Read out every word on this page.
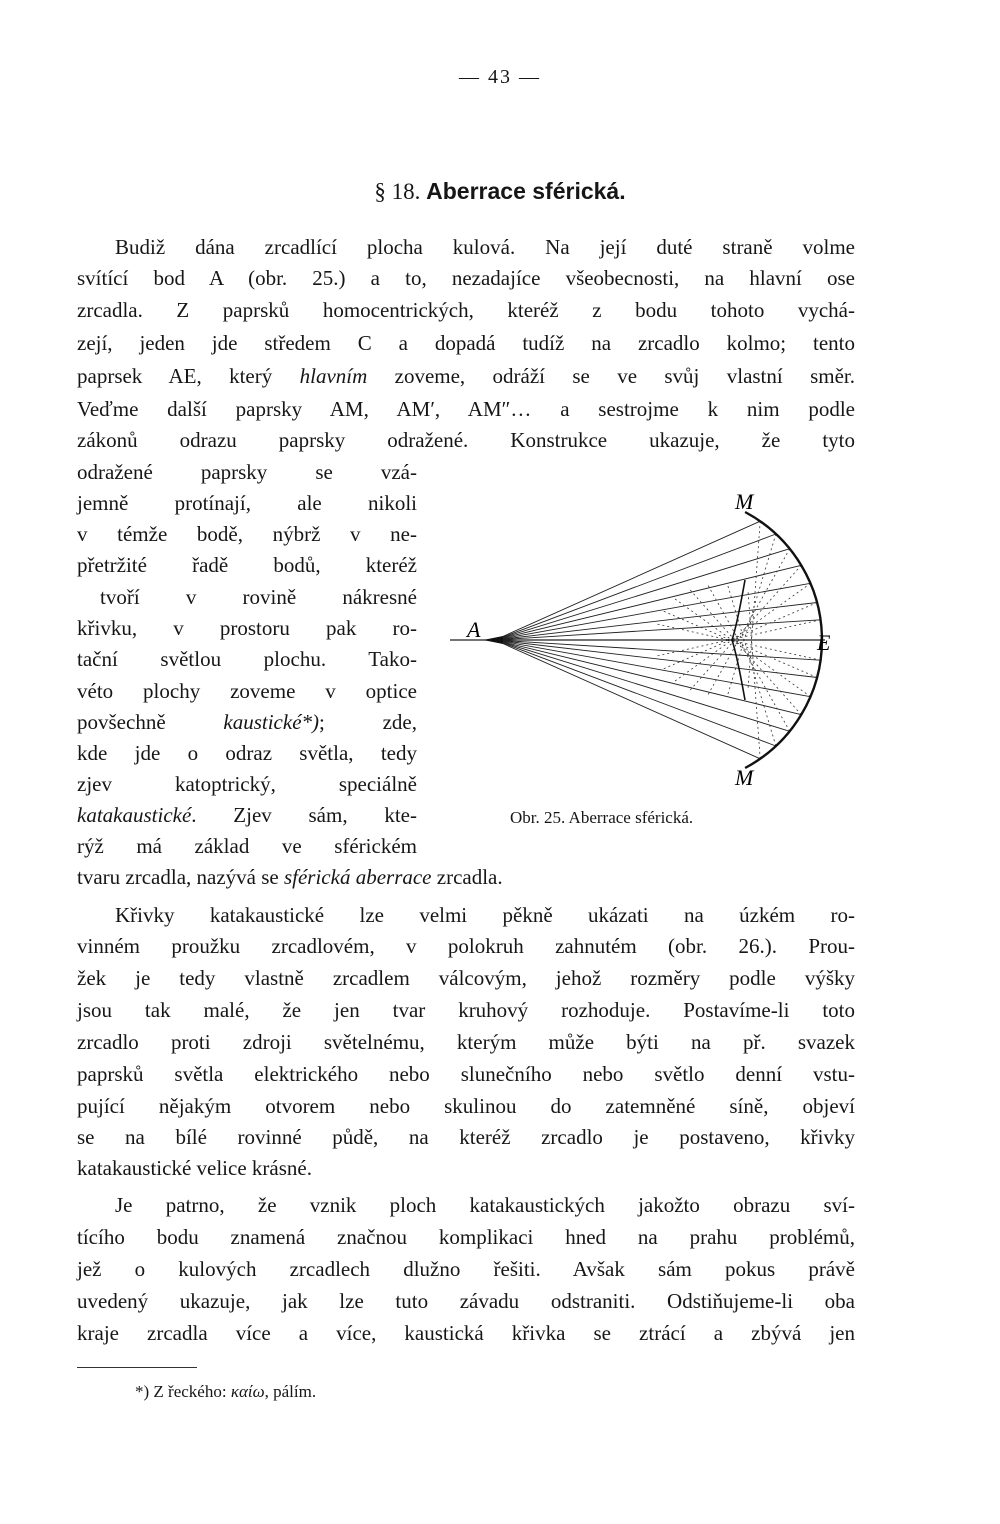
— 43 —
§ 18. Aberrace sférická.
Budiž dána zrcadlící plocha kulová. Na její duté straně volme
svítící bod A (obr. 25.) a to, nezadajíce všeobecnosti, na hlavní ose
zrcadla. Z paprsků homocentrických, kteréž z bodu tohoto vychá-
zejí, jeden jde středem C a dopadá tudíž na zrcadlo kolmo; tento
paprsek AE, který hlavním zoveme, odráží se ve svůj vlastní směr.
Veďme další paprsky AM, AM′, AM″… a sestrojme k nim podle
zákonů odrazu paprsky odražené. Konstrukce ukazuje, že tyto
odražené paprsky se vzá-
jemně protínají, ale nikoli
v témže bodě, nýbrž v ne-
přetržité řadě bodů, kteréž
tvoří v rovině nákresné
křivku, v prostoru pak ro-
tační světlou plochu. Tako-
véto plochy zoveme v optice
povšechně kaustické*); zde,
kde jde o odraz světla, tedy
zjev katoptrický, speciálně
katakaustické. Zjev sám, kte-
rýž má základ ve sférickém
tvaru zrcadla, nazývá se sférická aberrace zrcadla.
A
M
E
M
Obr. 25. Aberrace sférická.
Křivky katakaustické lze velmi pěkně ukázati na úzkém ro-
vinném proužku zrcadlovém, v polokruh zahnutém (obr. 26.). Prou-
žek je tedy vlastně zrcadlem válcovým, jehož rozměry podle výšky
jsou tak malé, že jen tvar kruhový rozhoduje. Postavíme-li toto
zrcadlo proti zdroji světelnému, kterým může býti na př. svazek
paprsků světla elektrického nebo slunečního nebo světlo denní vstu-
pující nějakým otvorem nebo skulinou do zatemněné síně, objeví
se na bílé rovinné půdě, na kteréž zrcadlo je postaveno, křivky
katakaustické velice krásné.
Je patrno, že vznik ploch katakaustických jakožto obrazu sví-
tícího bodu znamená značnou komplikaci hned na prahu problémů,
jež o kulových zrcadlech dlužno řešiti. Avšak sám pokus právě
uvedený ukazuje, jak lze tuto závadu odstraniti. Odstiňujeme-li oba
kraje zrcadla více a více, kaustická křivka se ztrácí a zbývá jen
*) Z řeckého: καίω, pálím.
